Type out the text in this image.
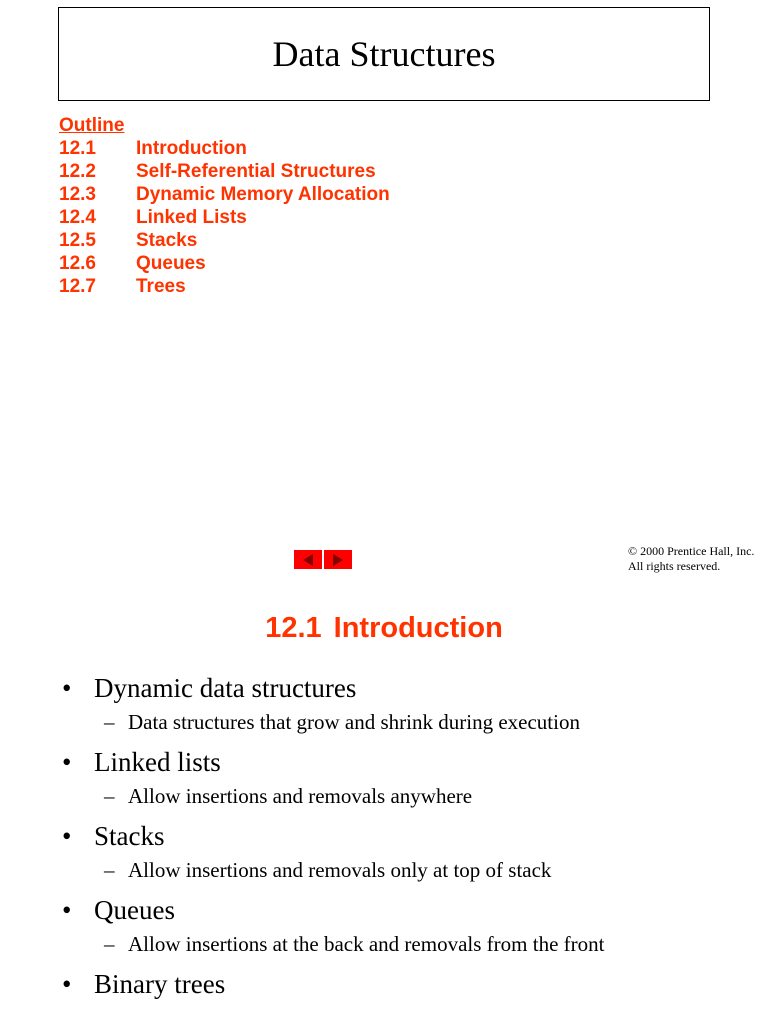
Data Structures
Outline
12.1	Introduction
12.2	Self-Referential Structures
12.3	Dynamic Memory Allocation
12.4	Linked Lists
12.5	Stacks
12.6	Queues
12.7	Trees
© 2000 Prentice Hall, Inc.
All rights reserved.
12.1 Introduction
• Dynamic data structures
– Data structures that grow and shrink during execution
• Linked lists
– Allow insertions and removals anywhere
• Stacks
– Allow insertions and removals only at top of stack
• Queues
– Allow insertions at the back and removals from the front
• Binary trees
